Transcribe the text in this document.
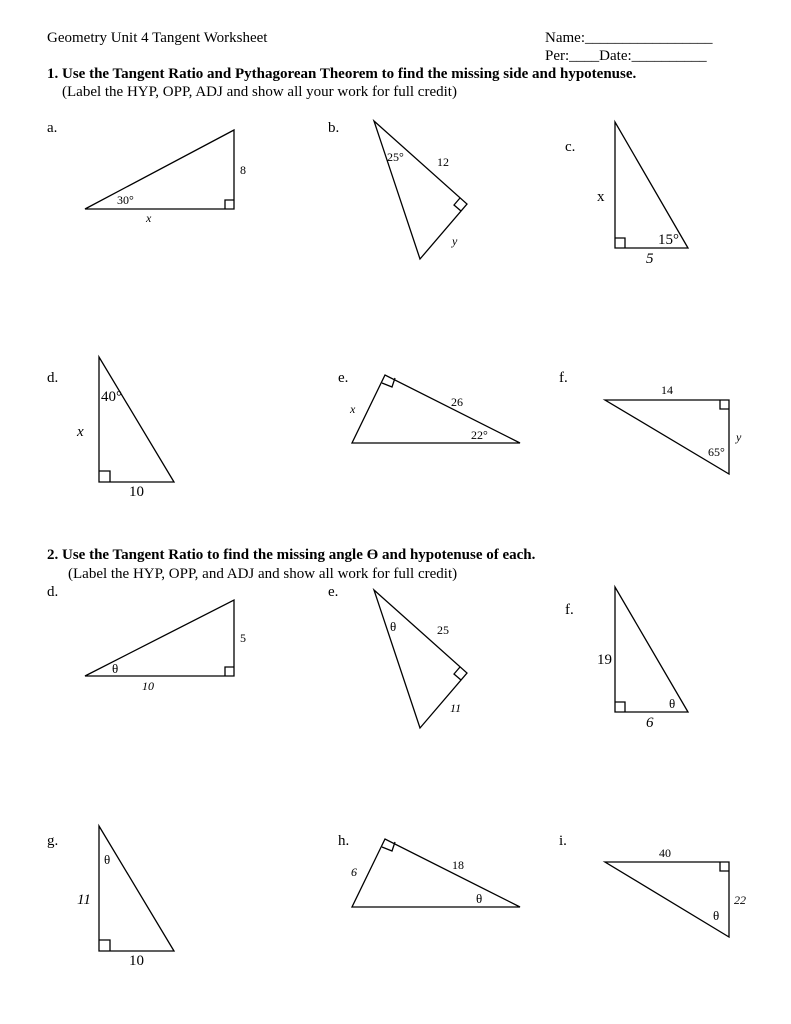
Geometry Unit 4 Tangent Worksheet	Name:_________________
Per:____Date:__________
1. Use the Tangent Ratio and Pythagorean Theorem to find the missing side and hypotenuse.
(Label the HYP, OPP, ADJ and show all your work for full credit)
a.	b.
c.
d.	e.	f.
2. Use the Tangent Ratio to find the missing angle Ɵ and hypotenuse of each.
(Label the HYP, OPP, and ADJ and show all work for full credit)
d.	e.
f.
g.	h.	i.
30°
8
x
25°	12
y	15°
x
5
40°
x
10
22°
26
x
65°
14
y
θ
5
10
θ	25
11	θ
19
6
θ
11
10
θ
18
6
θ
40
22
